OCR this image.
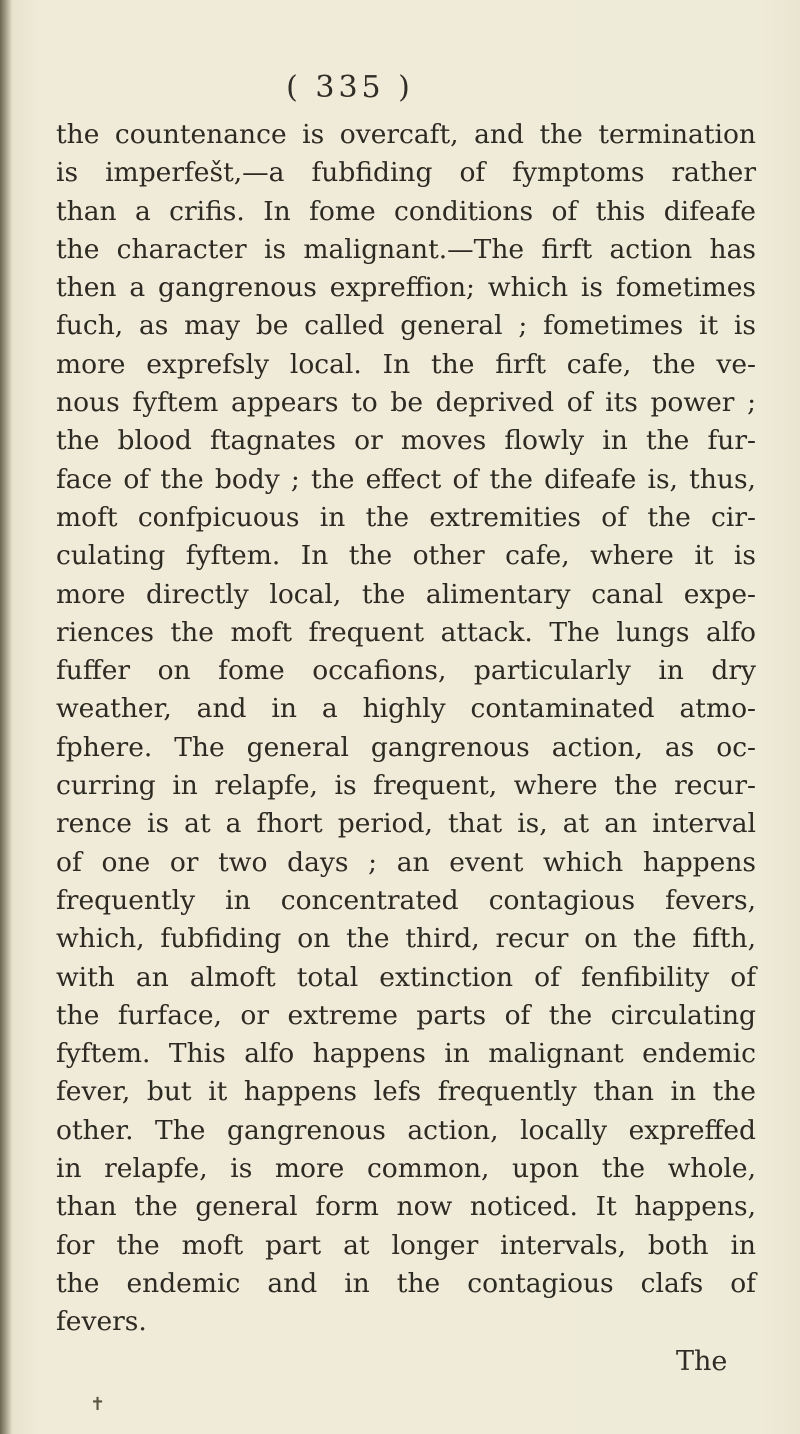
( 335 )
the countenance is overcaft, and the termination
is imperfešt,—a fubfiding of fymptoms rather
than a crifis. In fome conditions of this difeafe
the character is malignant.—The firft action has
then a gangrenous expreffion; which is fometimes
fuch, as may be called general ; fometimes it is
more exprefsly local. In the firft cafe, the ve-
nous fyftem appears to be deprived of its power ;
the blood ftagnates or moves flowly in the fur-
face of the body ; the effect of the difeafe is, thus,
moft confpicuous in the extremities of the cir-
culating fyftem. In the other cafe, where it is
more directly local, the alimentary canal expe-
riences the moft frequent attack. The lungs alfo
fuffer on fome occafions, particularly in dry
weather, and in a highly contaminated atmo-
fphere. The general gangrenous action, as oc-
curring in relapfe, is frequent, where the recur-
rence is at a fhort period, that is, at an interval
of one or two days ; an event which happens
frequently in concentrated contagious fevers,
which, fubfiding on the third, recur on the fifth,
with an almoft total extinction of fenfibility of
the furface, or extreme parts of the circulating
fyftem. This alfo happens in malignant endemic
fever, but it happens lefs frequently than in the
other. The gangrenous action, locally expreffed
in relapfe, is more common, upon the whole,
than the general form now noticed. It happens,
for the moft part at longer intervals, both in
the endemic and in the contagious clafs of
fevers.
The
✝
